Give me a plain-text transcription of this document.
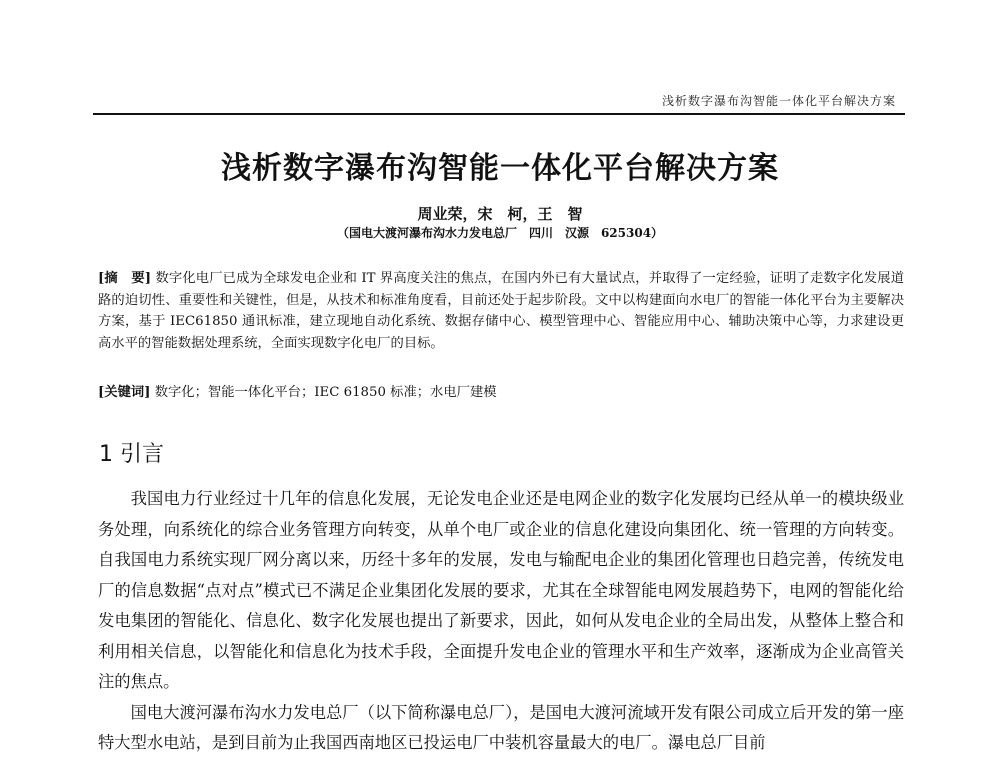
浅析数字瀑布沟智能一体化平台解决方案
浅析数字瀑布沟智能一体化平台解决方案
周业荣，宋　柯，王　智
（国电大渡河瀑布沟水力发电总厂　四川　汉源　625304）
[摘　要] 数字化电厂已成为全球发电企业和 IT 界高度关注的焦点，在国内外已有大量试点，并取得了一定经验，证明了走数字化发展道路的迫切性、重要性和关键性，但是，从技术和标准角度看，目前还处于起步阶段。文中以构建面向水电厂的智能一体化平台为主要解决方案，基于 IEC61850 通讯标准，建立现地自动化系统、数据存储中心、模型管理中心、智能应用中心、辅助决策中心等，力求建设更高水平的智能数据处理系统，全面实现数字化电厂的目标。
[关键词] 数字化；智能一体化平台；IEC 61850 标准；水电厂建模
1 引言

我国电力行业经过十几年的信息化发展，无论发电企业还是电网企业的数字化发展均已经从单一的模块级业务处理，向系统化的综合业务管理方向转变，从单个电厂或企业的信息化建设向集团化、统一管理的方向转变。自我国电力系统实现厂网分离以来，历经十多年的发展，发电与输配电企业的集团化管理也日趋完善，传统发电厂的信息数据“点对点”模式已不满足企业集团化发展的要求，尤其在全球智能电网发展趋势下，电网的智能化给发电集团的智能化、信息化、数字化发展也提出了新要求，因此，如何从发电企业的全局出发，从整体上整合和利用相关信息，以智能化和信息化为技术手段，全面提升发电企业的管理水平和生产效率，逐渐成为企业高管关注的焦点。

国电大渡河瀑布沟水力发电总厂（以下简称瀑电总厂），是国电大渡河流域开发有限公司成立后开发的第一座特大型水电站，是到目前为止我国西南地区已投运电厂中装机容量最大的电厂。瀑电总厂目前
